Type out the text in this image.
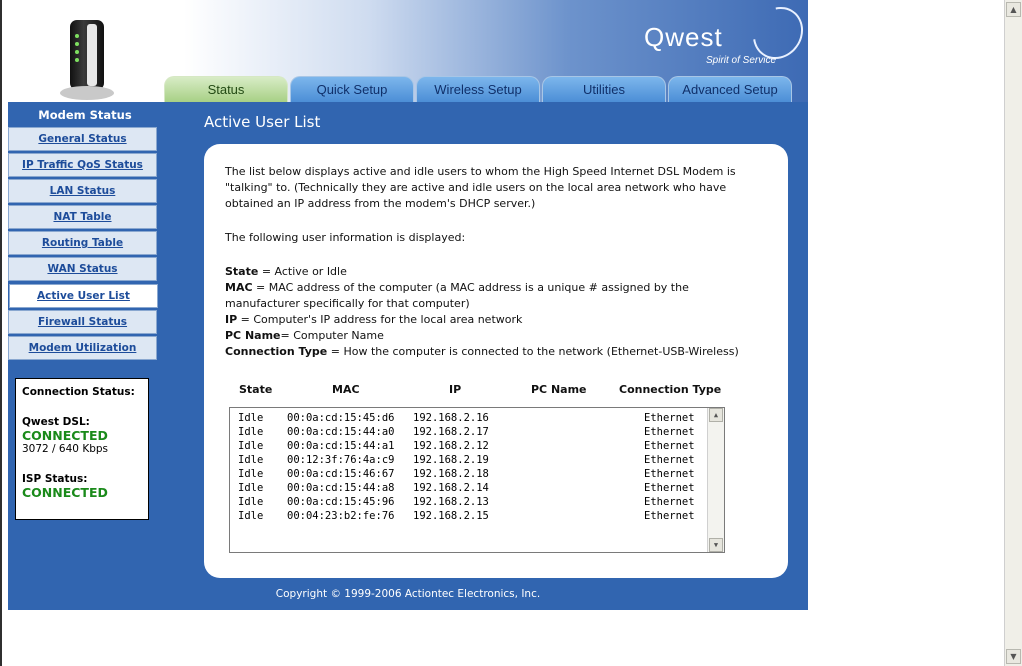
Qwest
Spirit of Service
Status	Quick Setup	Wireless Setup	Utilities	Advanced Setup
Modem Status
General Status
IP Traffic QoS Status
LAN Status
NAT Table
Routing Table
WAN Status
Active User List
Firewall Status
Modem Utilization
Connection Status:
Qwest DSL:
CONNECTED
3072 / 640 Kbps
ISP Status:
CONNECTED
Active User List

The list below displays active and idle users to whom the High Speed Internet DSL Modem is "talking" to. (Technically they are active and idle users on the local area network who have obtained an IP address from the modem's DHCP server.)

The following user information is displayed:

State = Active or Idle

MAC = MAC address of the computer (a MAC address is a unique # assigned by the manufacturer specifically for that computer)

IP = Computer's IP address for the local area network

PC Name= Computer Name

Connection Type = How the computer is connected to the network (Ethernet-USB-Wireless)

State	MAC	IP	PC Name	Connection Type
Idle 00:0a:cd:15:45:d6 192.168.2.16	Ethernet
Idle 00:0a:cd:15:44:a0 192.168.2.17	Ethernet
Idle 00:0a:cd:15:44:a1 192.168.2.12	Ethernet
Idle 00:12:3f:76:4a:c9 192.168.2.19	Ethernet
Idle 00:0a:cd:15:46:67 192.168.2.18	Ethernet
Idle 00:0a:cd:15:44:a8 192.168.2.14	Ethernet
Idle 00:0a:cd:15:45:96 192.168.2.13	Ethernet
Idle 00:04:23:b2:fe:76 192.168.2.15	Ethernet
▲
▼
Copyright © 1999-2006 Actiontec Electronics, Inc.
▲
▼
